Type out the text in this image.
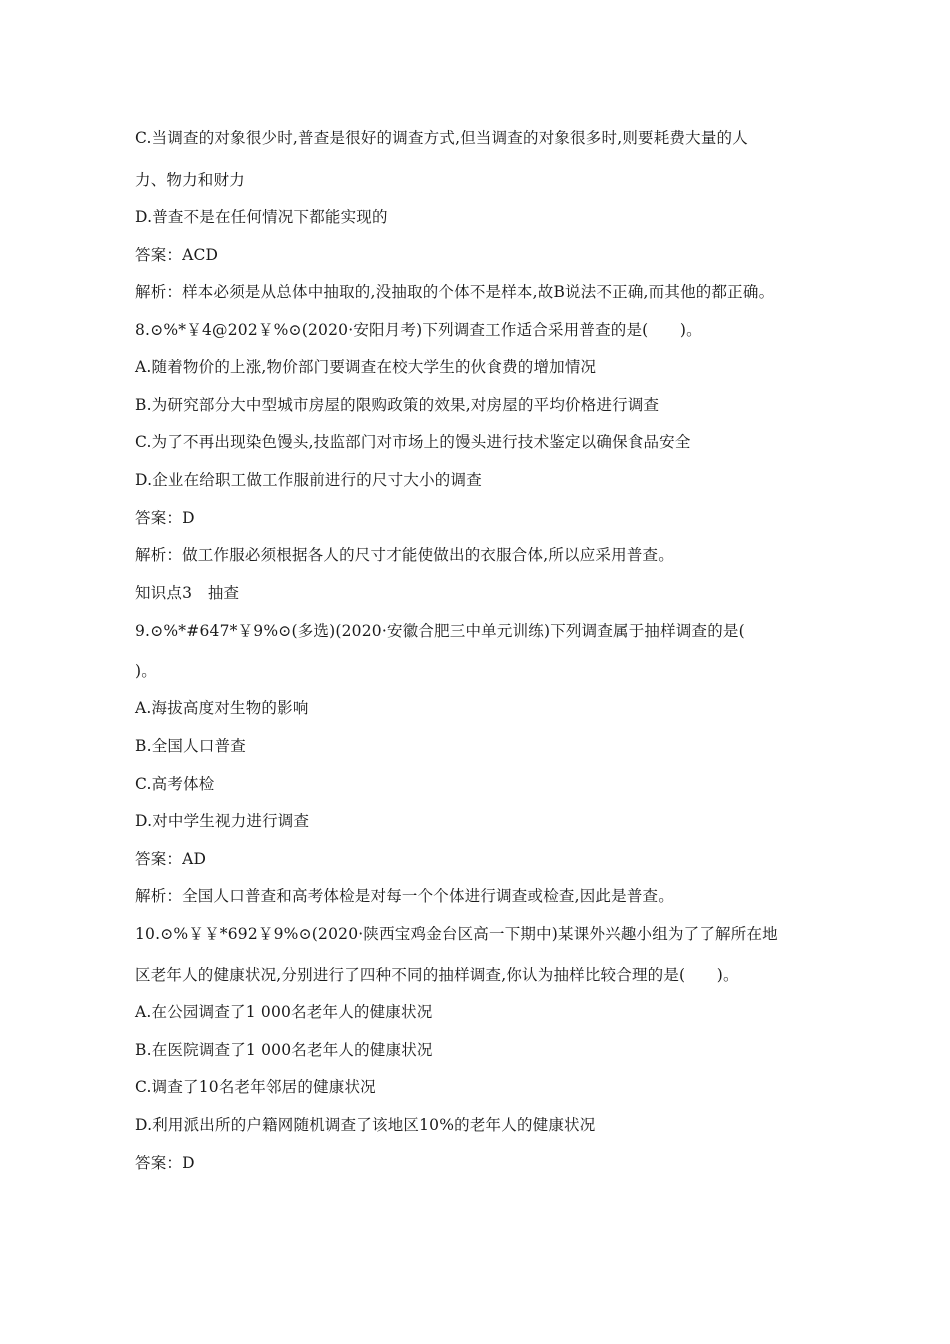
C.当调查的对象很少时,普查是很好的调查方式,但当调查的对象很多时,则要耗费大量的人
力、物力和财力
D.普查不是在任何情况下都能实现的
答案：ACD
解析：样本必须是从总体中抽取的,没抽取的个体不是样本,故B说法不正确,而其他的都正确。
8.⊙%*￥4@202￥%⊙(2020·安阳月考)下列调查工作适合采用普查的是(　　)。
A.随着物价的上涨,物价部门要调查在校大学生的伙食费的增加情况
B.为研究部分大中型城市房屋的限购政策的效果,对房屋的平均价格进行调查
C.为了不再出现染色馒头,技监部门对市场上的馒头进行技术鉴定以确保食品安全
D.企业在给职工做工作服前进行的尺寸大小的调查
答案：D
解析：做工作服必须根据各人的尺寸才能使做出的衣服合体,所以应采用普查。
知识点3　抽查
9.⊙%*#647*￥9%⊙(多选)(2020·安徽合肥三中单元训练)下列调查属于抽样调查的是(
)。
A.海拔高度对生物的影响
B.全国人口普查
C.高考体检
D.对中学生视力进行调查
答案：AD
解析：全国人口普查和高考体检是对每一个个体进行调查或检查,因此是普查。
10.⊙%￥￥*692￥9%⊙(2020·陕西宝鸡金台区高一下期中)某课外兴趣小组为了了解所在地
区老年人的健康状况,分别进行了四种不同的抽样调查,你认为抽样比较合理的是(　　)。
A.在公园调查了1 000名老年人的健康状况
B.在医院调查了1 000名老年人的健康状况
C.调查了10名老年邻居的健康状况
D.利用派出所的户籍网随机调查了该地区10%的老年人的健康状况
答案：D
